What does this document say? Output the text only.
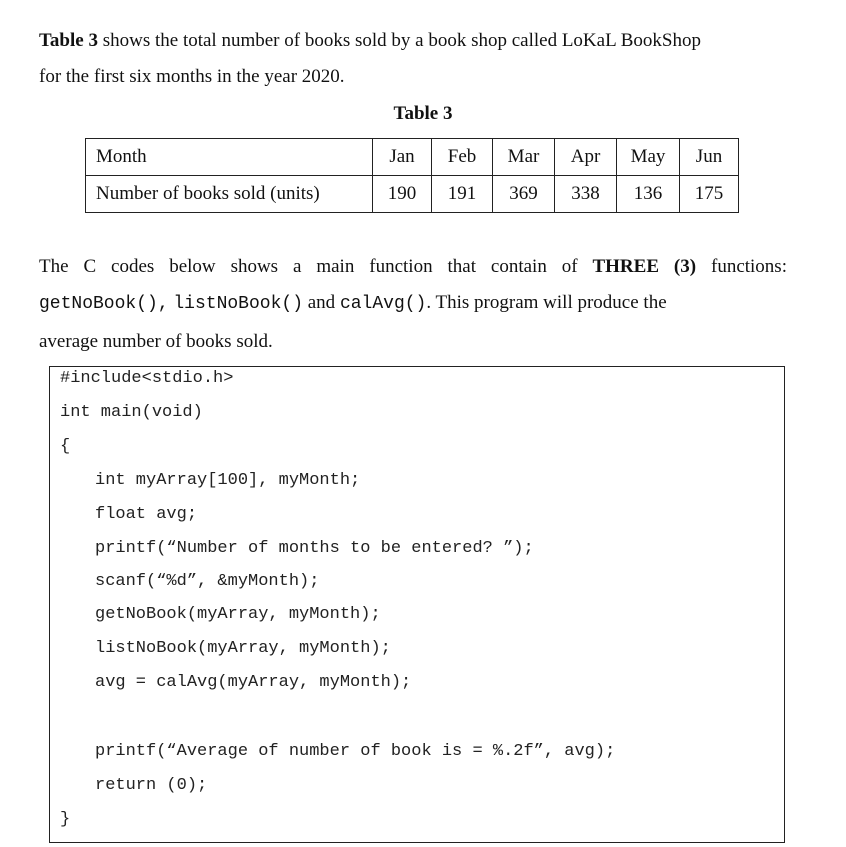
Table 3 shows the total number of books sold by a book shop called LoKaL BookShop
for the first six months in the year 2020.
Table 3
Month	Jan	Feb	Mar	Apr	May	Jun
Number of books sold (units)	190	191	369	338	136	175
The C codes below shows a main function that contain of THREE (3) functions:
getNoBook(), listNoBook() and calAvg(). This program will produce the
average number of books sold.
#include<stdio.h>
int main(void)
{
int myArray[100], myMonth;
float avg;
printf(“Number of months to be entered? ”);
scanf(“%d”, &myMonth);
getNoBook(myArray, myMonth);
listNoBook(myArray, myMonth);
avg = calAvg(myArray, myMonth);
printf(“Average of number of book is = %.2f”, avg);
return (0);
}
